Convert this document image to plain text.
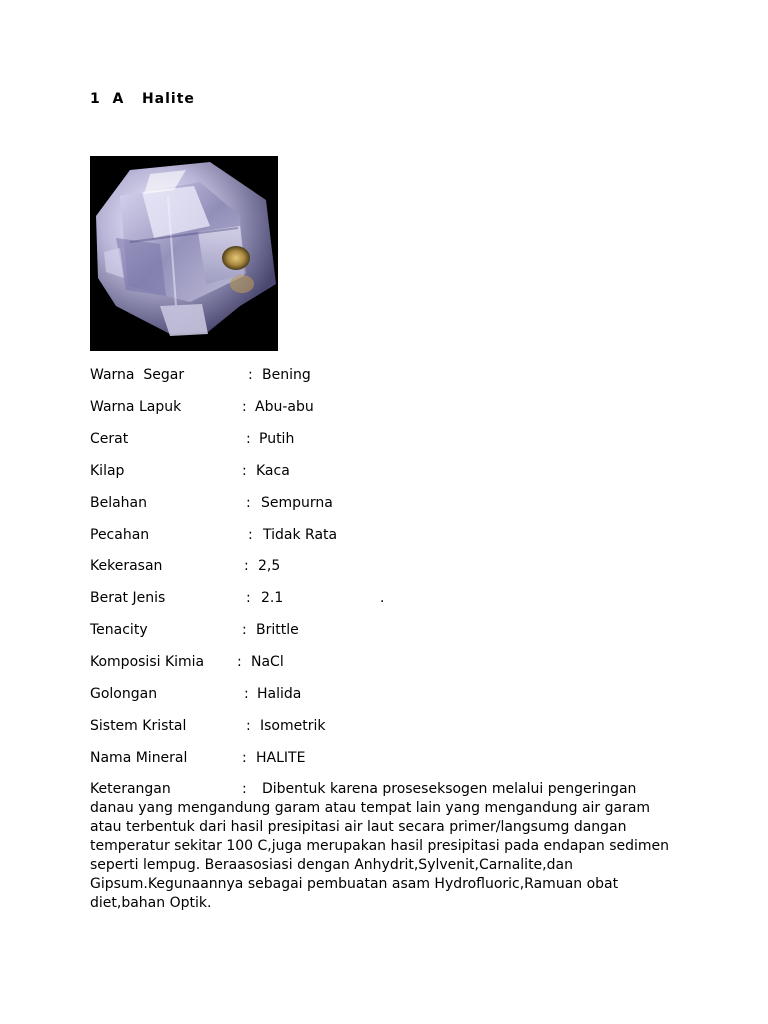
1 A Halite
Warna  Segar	: Bening
Warna Lapuk	: Abu-abu
Cerat	: Putih
Kilap	: Kaca
Belahan	: Sempurna
Pecahan	: Tidak Rata
Kekerasan	: 2,5
Berat Jenis	: 2.1	.
Tenacity	: Brittle
Komposisi Kimia : NaCl
Golongan	: Halida
Sistem Kristal	: Isometrik
Nama Mineral	: HALITE

Keterangan	: Dibentuk karena proseseksogen melalui pengeringan danau yang mengandung garam atau tempat lain yang mengandung air garam atau terbentuk dari hasil presipitasi air laut secara primer/langsumg dangan temperatur sekitar 100 C,juga merupakan hasil presipitasi pada endapan sedimen seperti lempug. Beraasosiasi dengan Anhydrit,Sylvenit,Carnalite,dan Gipsum.Kegunaannya sebagai pembuatan asam Hydrofluoric,Ramuan obat diet,bahan Optik.
